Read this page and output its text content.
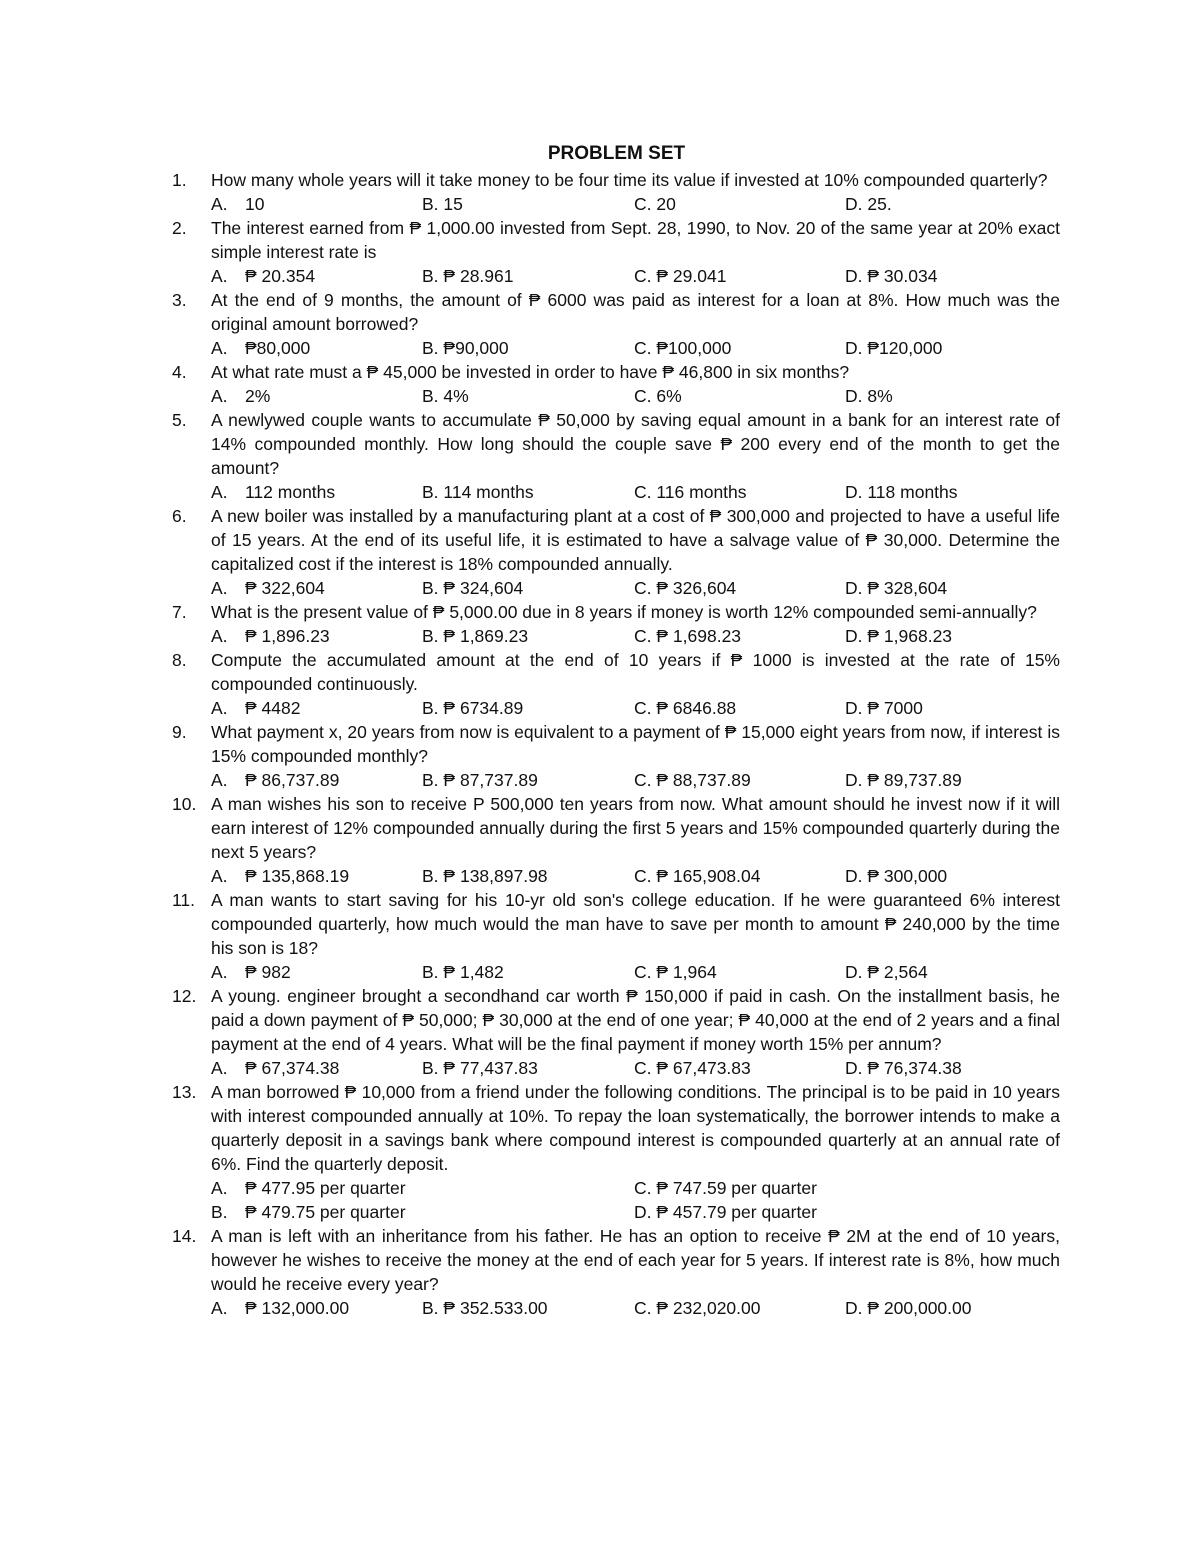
PROBLEM SET
1.	How many whole years will it take money to be four time its value if invested at 10% compounded quarterly?
A. 10	B. 15	C. 20	D. 25.
2.	The interest earned from ₱ 1,000.00 invested from Sept. 28, 1990, to Nov. 20 of the same year at 20% exact simple interest rate is
A. ₱ 20.354	B. ₱ 28.961	C. ₱ 29.041	D. ₱ 30.034
3.	At the end of 9 months, the amount of ₱ 6000 was paid as interest for a loan at 8%. How much was the original amount borrowed?
A. ₱80,000	B. ₱90,000	C. ₱100,000	D. ₱120,000
4.	At what rate must a ₱ 45,000 be invested in order to have ₱ 46,800 in six months?
A. 2%	B. 4%	C. 6%	D. 8%
5.	A newlywed couple wants to accumulate ₱ 50,000 by saving equal amount in a bank for an interest rate of 14% compounded monthly. How long should the couple save ₱ 200 every end of the month to get the amount?
A. 112 months	B. 114 months	C. 116 months	D. 118 months
6.	A new boiler was installed by a manufacturing plant at a cost of ₱ 300,000 and projected to have a useful life of 15 years. At the end of its useful life, it is estimated to have a salvage value of ₱ 30,000. Determine the capitalized cost if the interest is 18% compounded annually.
A. ₱ 322,604	B. ₱ 324,604	C. ₱ 326,604	D. ₱ 328,604
7.	What is the present value of ₱ 5,000.00 due in 8 years if money is worth 12% compounded semi-annually?
A. ₱ 1,896.23	B. ₱ 1,869.23	C. ₱ 1,698.23	D. ₱ 1,968.23
8.	Compute the accumulated amount at the end of 10 years if ₱ 1000 is invested at the rate of 15% compounded continuously.
A. ₱ 4482	B. ₱ 6734.89	C. ₱ 6846.88	D. ₱ 7000
9.	What payment x, 20 years from now is equivalent to a payment of ₱ 15,000 eight years from now, if interest is 15% compounded monthly?
A. ₱ 86,737.89	B. ₱ 87,737.89	C. ₱ 88,737.89	D. ₱ 89,737.89
10. A man wishes his son to receive P 500,000 ten years from now. What amount should he invest now if it will earn interest of 12% compounded annually during the first 5 years and 15% compounded quarterly during the next 5 years?
A. ₱ 135,868.19	B. ₱ 138,897.98	C. ₱ 165,908.04	D. ₱ 300,000
11. A man wants to start saving for his 10-yr old son's college education. If he were guaranteed 6% interest compounded quarterly, how much would the man have to save per month to amount ₱ 240,000 by the time his son is 18?
A. ₱ 982	B. ₱ 1,482	C. ₱ 1,964	D. ₱ 2,564
12. A young. engineer brought a secondhand car worth ₱ 150,000 if paid in cash. On the installment basis, he paid a down payment of ₱ 50,000; ₱ 30,000 at the end of one year; ₱ 40,000 at the end of 2 years and a final payment at the end of 4 years. What will be the final payment if money worth 15% per annum?
A. ₱ 67,374.38	B. ₱ 77,437.83	C. ₱ 67,473.83	D. ₱ 76,374.38
13. A man borrowed ₱ 10,000 from a friend under the following conditions. The principal is to be paid in 10 years with interest compounded annually at 10%. To repay the loan systematically, the borrower intends to make a quarterly deposit in a savings bank where compound interest is compounded quarterly at an annual rate of 6%. Find the quarterly deposit.
A. ₱ 477.95 per quarter	C. ₱ 747.59 per quarter
B. ₱ 479.75 per quarter	D. ₱ 457.79 per quarter
14. A man is left with an inheritance from his father. He has an option to receive ₱ 2M at the end of 10 years, however he wishes to receive the money at the end of each year for 5 years. If interest rate is 8%, how much would he receive every year?
A. ₱ 132,000.00	B. ₱ 352.533.00	C. ₱ 232,020.00	D. ₱ 200,000.00
